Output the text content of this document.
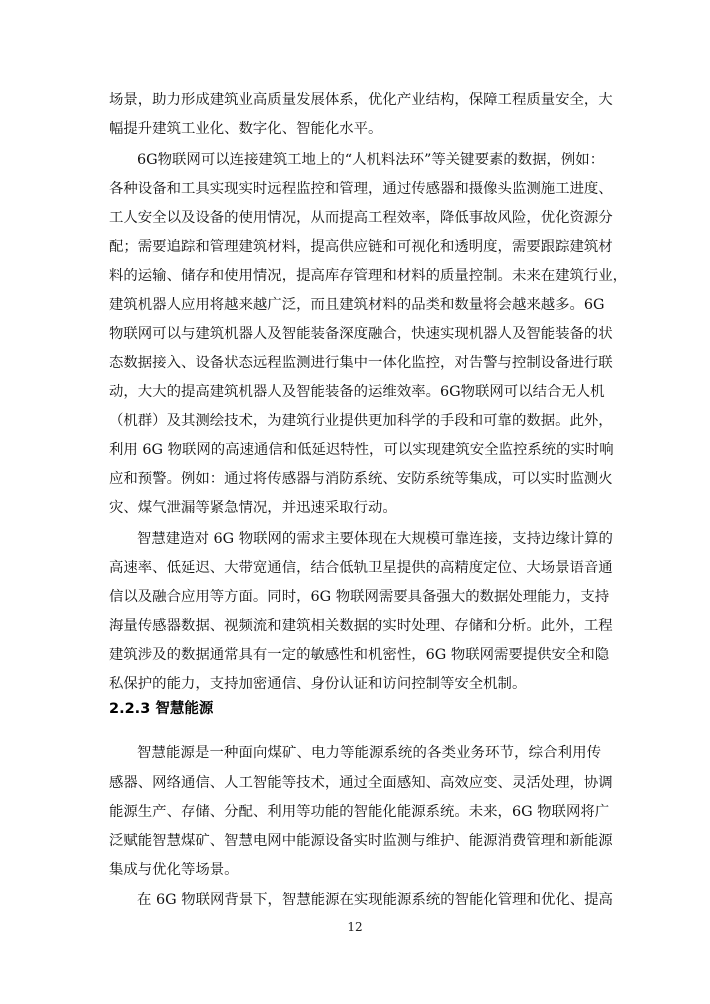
场景，助力形成建筑业高质量发展体系，优化产业结构，保障工程质量安全，大
幅提升建筑工业化、数字化、智能化水平。
6G物联网可以连接建筑工地上的“人机料法环”等关键要素的数据，例如：
各种设备和工具实现实时远程监控和管理，通过传感器和摄像头监测施工进度、
工人安全以及设备的使用情况，从而提高工程效率，降低事故风险，优化资源分
配；需要追踪和管理建筑材料，提高供应链和可视化和透明度，需要跟踪建筑材
料的运输、储存和使用情况，提高库存管理和材料的质量控制。未来在建筑行业，
建筑机器人应用将越来越广泛，而且建筑材料的品类和数量将会越来越多。6G
物联网可以与建筑机器人及智能装备深度融合，快速实现机器人及智能装备的状
态数据接入、设备状态远程监测进行集中一体化监控，对告警与控制设备进行联
动，大大的提高建筑机器人及智能装备的运维效率。6G物联网可以结合无人机
（机群）及其测绘技术，为建筑行业提供更加科学的手段和可靠的数据。此外，
利用 6G 物联网的高速通信和低延迟特性，可以实现建筑安全监控系统的实时响
应和预警。例如：通过将传感器与消防系统、安防系统等集成，可以实时监测火
灾、煤气泄漏等紧急情况，并迅速采取行动。
智慧建造对 6G 物联网的需求主要体现在大规模可靠连接，支持边缘计算的
高速率、低延迟、大带宽通信，结合低轨卫星提供的高精度定位、大场景语音通
信以及融合应用等方面。同时，6G 物联网需要具备强大的数据处理能力，支持
海量传感器数据、视频流和建筑相关数据的实时处理、存储和分析。此外，工程
建筑涉及的数据通常具有一定的敏感性和机密性，6G 物联网需要提供安全和隐
私保护的能力，支持加密通信、身份认证和访问控制等安全机制。
2.2.3 智慧能源
智慧能源是一种面向煤矿、电力等能源系统的各类业务环节，综合利用传
感器、网络通信、人工智能等技术，通过全面感知、高效应变、灵活处理，协调
能源生产、存储、分配、利用等功能的智能化能源系统。未来，6G 物联网将广
泛赋能智慧煤矿、智慧电网中能源设备实时监测与维护、能源消费管理和新能源
集成与优化等场景。
在 6G 物联网背景下，智慧能源在实现能源系统的智能化管理和优化、提高
12
